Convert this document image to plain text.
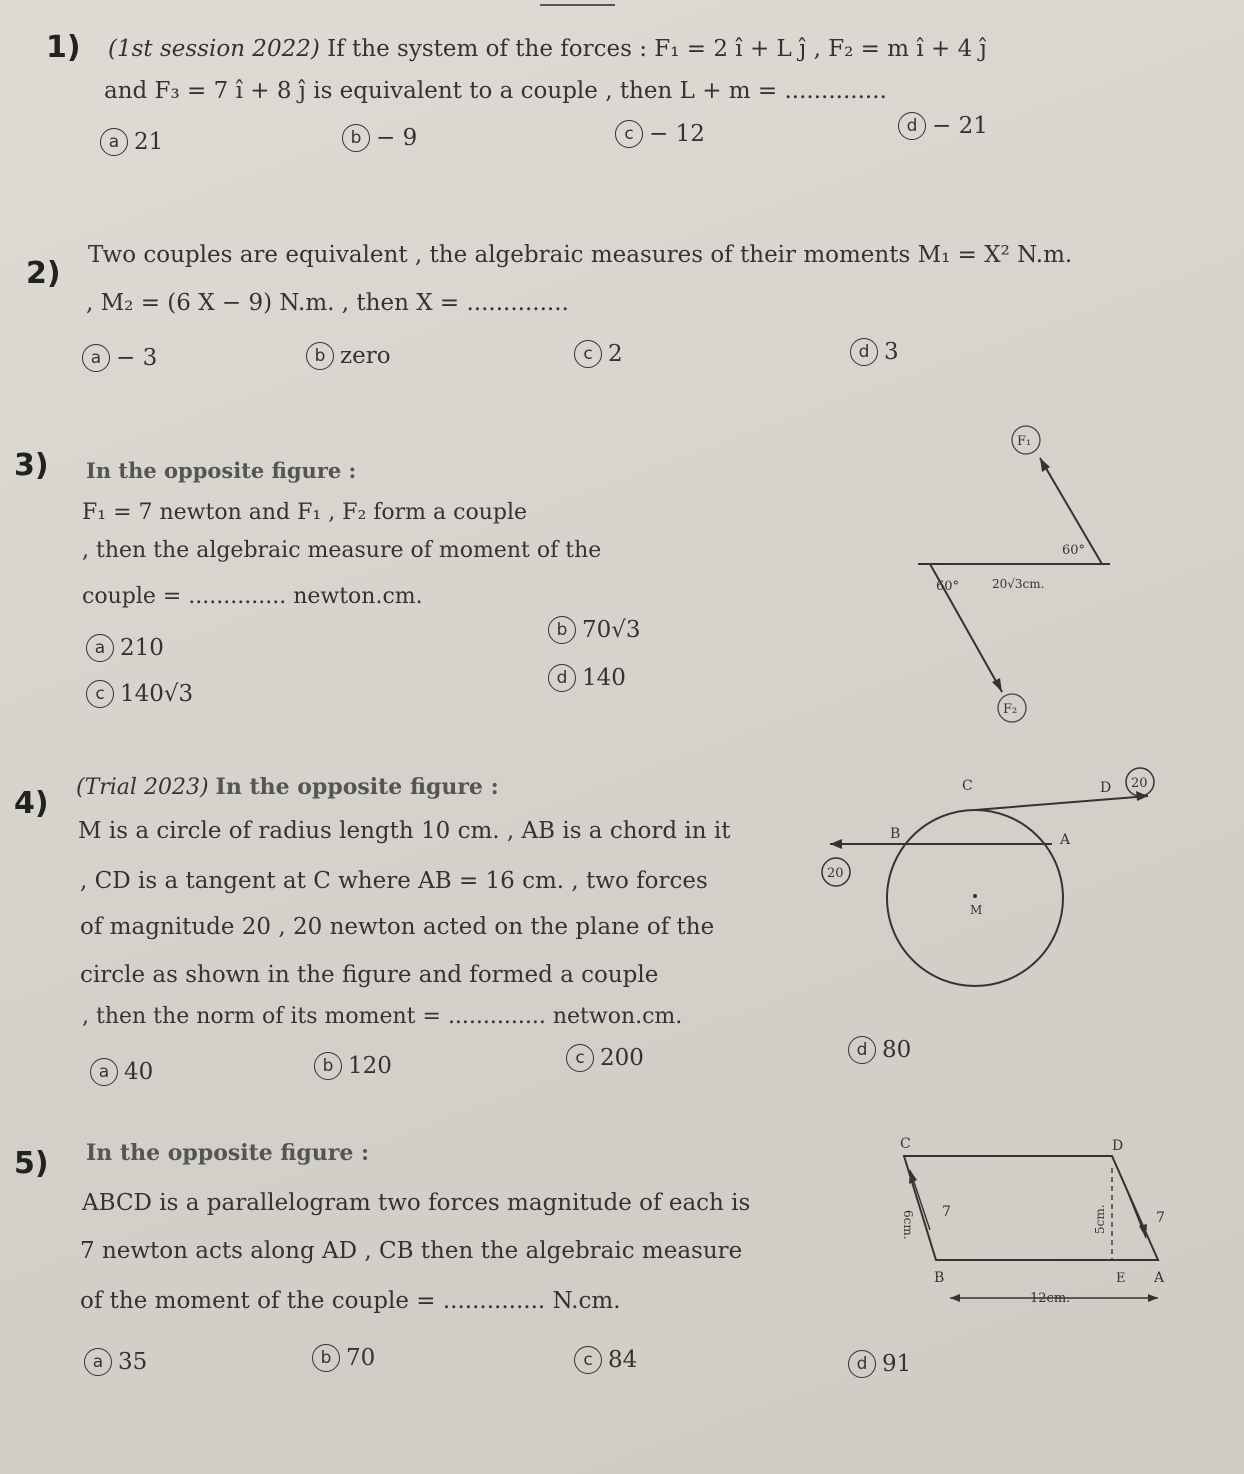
1) (1st session 2022) If the system of the forces : F₁ = 2 î + L ĵ , F₂ = m î + 4 ĵ
and F₃ = 7 î + 8 ĵ is equivalent to a couple , then L + m = ..............
a 21	b − 9	c − 12	d − 21
2)
Two couples are equivalent , the algebraic measures of their moments M₁ = X² N.m.
, M₂ = (6 X − 9) N.m. , then X = ..............
a − 3	b zero	c 2	d 3
3) In the opposite figure :
F₁ = 7 newton and F₁ , F₂ form a couple
, then the algebraic measure of moment of the
couple = .............. newton.cm.
a 210
b 70√3
c 140√3
d 140
F₁
F₂
60°
60°	20√3cm.
4) (Trial 2023) In the opposite figure :
M is a circle of radius length 10 cm. , AB is a chord in it
, CD is a tangent at C where AB = 16 cm. , two forces
of magnitude 20 , 20 newton acted on the plane of the
circle as shown in the figure and formed a couple
, then the norm of its moment = .............. netwon.cm.
a 40	b 120	c 200	d 80
C	D
B	A
M
20
20
5) In the opposite figure :
ABCD is a parallelogram two forces magnitude of each is
7 newton acts along AD , CB then the algebraic measure
of the moment of the couple = .............. N.cm.
a 35	b 70	c 84	d 91
C	D
B	A
E
6cm.	5cm.
12cm.
7	7
